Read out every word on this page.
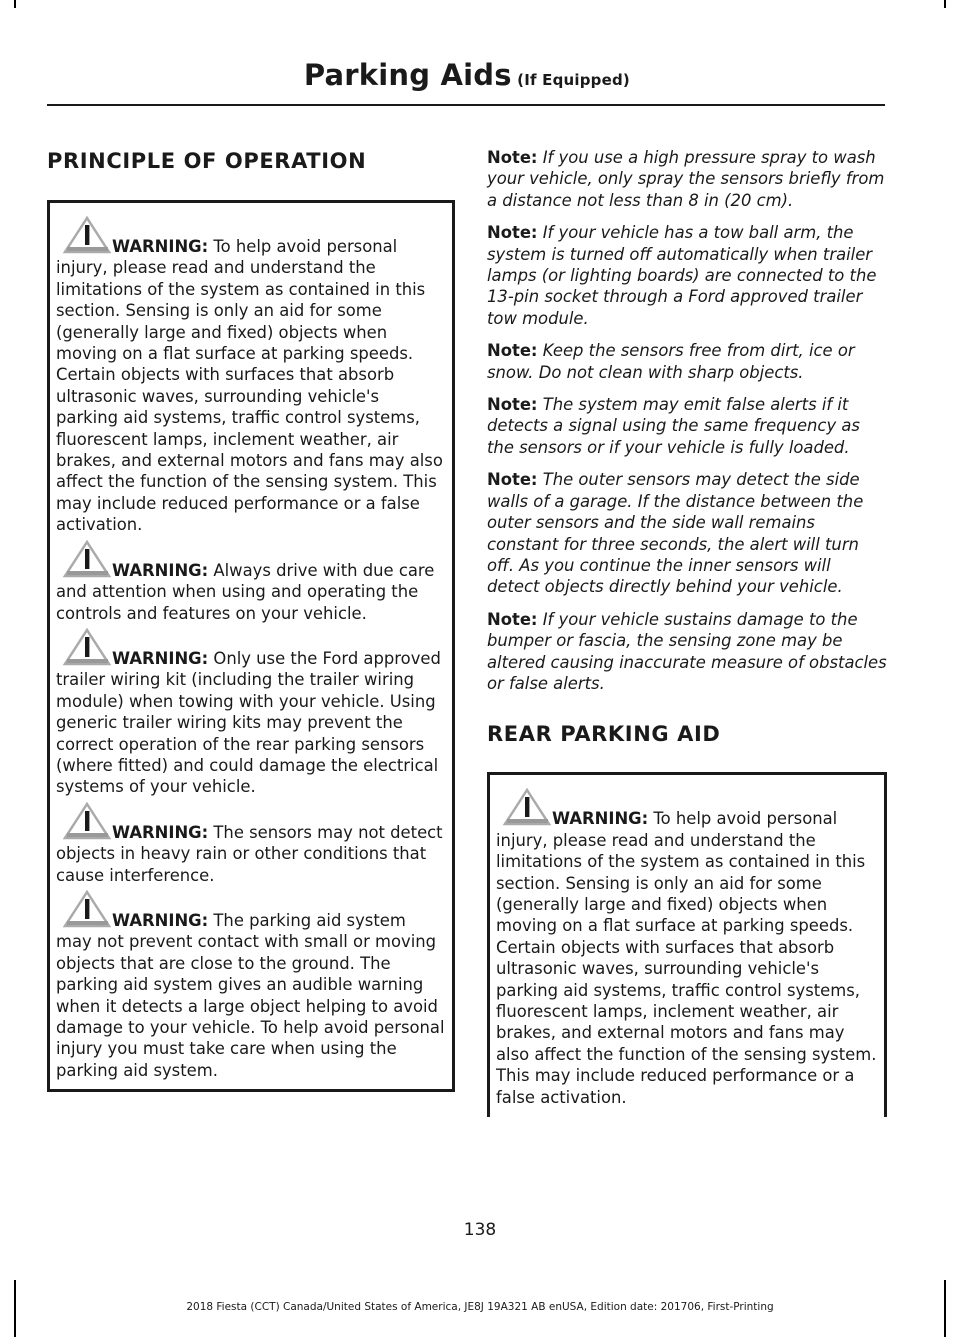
Parking Aids (If Equipped)
PRINCIPLE OF OPERATION

WARNING: To help avoid personal injury, please read and understand the limitations of the system as contained in this section. Sensing is only an aid for some (generally large and fixed) objects when moving on a flat surface at parking speeds. Certain objects with surfaces that absorb ultrasonic waves, surrounding vehicle's parking aid systems, traffic control systems, fluorescent lamps, inclement weather, air brakes, and external motors and fans may also affect the function of the sensing system. This may include reduced performance or a false activation.

WARNING: Always drive with due care and attention when using and operating the controls and features on your vehicle.

WARNING: Only use the Ford approved trailer wiring kit (including the trailer wiring module) when towing with your vehicle. Using generic trailer wiring kits may prevent the correct operation of the rear parking sensors (where fitted) and could damage the electrical systems of your vehicle.

WARNING: The sensors may not detect objects in heavy rain or other conditions that cause interference.

WARNING: The parking aid system may not prevent contact with small or moving objects that are close to the ground. The parking aid system gives an audible warning when it detects a large object helping to avoid damage to your vehicle. To help avoid personal injury you must take care when using the parking aid system.

Note: If you use a high pressure spray to wash your vehicle, only spray the sensors briefly from a distance not less than 8 in (20 cm).

Note: If your vehicle has a tow ball arm, the system is turned off automatically when trailer lamps (or lighting boards) are connected to the 13-pin socket through a Ford approved trailer tow module.

Note: Keep the sensors free from dirt, ice or snow. Do not clean with sharp objects.

Note: The system may emit false alerts if it detects a signal using the same frequency as the sensors or if your vehicle is fully loaded.

Note: The outer sensors may detect the side walls of a garage. If the distance between the outer sensors and the side wall remains constant for three seconds, the alert will turn off. As you continue the inner sensors will detect objects directly behind your vehicle.

Note: If your vehicle sustains damage to the bumper or fascia, the sensing zone may be altered causing inaccurate measure of obstacles or false alerts.

REAR PARKING AID

WARNING: To help avoid personal injury, please read and understand the limitations of the system as contained in this section. Sensing is only an aid for some (generally large and fixed) objects when moving on a flat surface at parking speeds. Certain objects with surfaces that absorb ultrasonic waves, surrounding vehicle's parking aid systems, traffic control systems, fluorescent lamps, inclement weather, air brakes, and external motors and fans may also affect the function of the sensing system. This may include reduced performance or a false activation.

138
2018 Fiesta (CCT) Canada/United States of America, JE8J 19A321 AB enUSA, Edition date: 201706, First-Printing
